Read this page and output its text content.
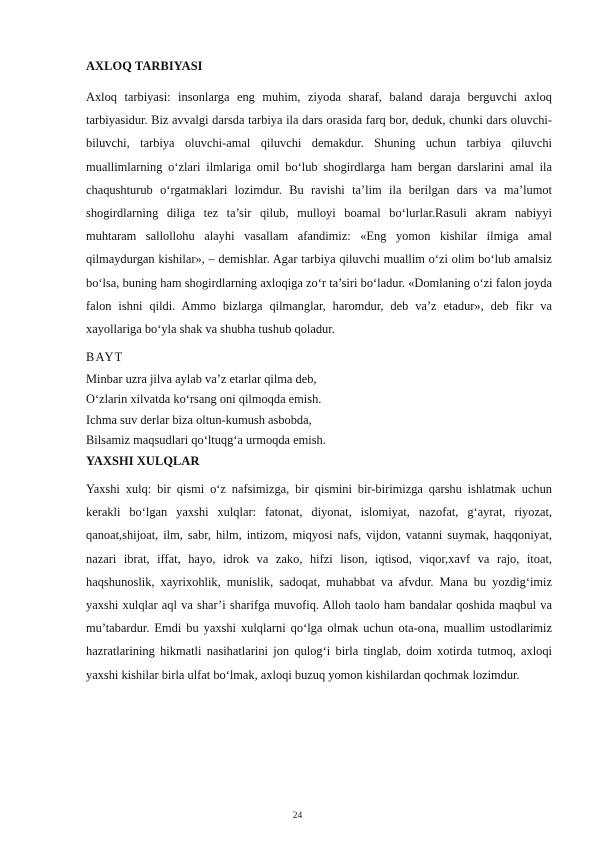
AXLOQ TARBIYASI

Axloq tarbiyasi: insonlarga eng muhim, ziyoda sharaf, baland daraja berguvchi axloq tarbiyasidur. Biz avvalgi darsda tarbiya ila dars orasida farq bor, deduk, chunki dars oluvchi-biluvchi, tarbiya oluvchi-amal qiluvchi demakdur. Shuning uchun tarbiya qiluvchi muallimlarning o‘zlari ilmlariga omil bo‘lub shogirdlarga ham bergan darslarini amal ila chaqushturub o‘rgatmaklari lozimdur. Bu ravishi ta’lim ila berilgan dars va ma’lumot shogirdlarning diliga tez ta’sir qilub, mulloyi boamal bo‘lurlar.Rasuli akram nabiyyi muhtaram sallollohu alayhi vasallam afandimiz: «Eng yomon kishilar ilmiga amal qilmaydurgan kishilar», – demishlar. Agar tarbiya qiluvchi muallim o‘zi olim bo‘lub amalsiz bo‘lsa, buning ham shogirdlarning axloqiga zo‘r ta’siri bo‘ladur. «Domlaning o‘zi falon joyda falon ishni qildi. Ammo bizlarga qilmanglar, haromdur, deb va’z etadur», deb fikr va xayollariga bo‘yla shak va shubha tushub qoladur.

BAYT
Minbar uzra jilva aylab va’z etarlar qilma deb,
O‘zlarin xilvatda ko‘rsang oni qilmoqda emish.
Ichma suv derlar biza oltun-kumush asbobda,
Bilsamiz maqsudlari qo‘ltuqg‘a urmoqda emish.
YAXSHI XULQLAR

Yaxshi xulq: bir qismi o‘z nafsimizga, bir qismini bir-birimizga qarshu ishlatmak uchun kerakli bo‘lgan yaxshi xulqlar: fatonat, diyonat, islomiyat, nazofat, g‘ayrat, riyozat, qanoat,shijoat, ilm, sabr, hilm, intizom, miqyosi nafs, vijdon, vatanni suymak, haqqoniyat, nazari ibrat, iffat, hayo, idrok va zako, hifzi lison, iqtisod, viqor,xavf va rajo, itoat, haqshunoslik, xayrixohlik, munislik, sadoqat, muhabbat va afvdur. Mana bu yozdig‘imiz yaxshi xulqlar aql va shar’i sharifga muvofiq. Alloh taolo ham bandalar qoshida maqbul va mu’tabardur. Emdi bu yaxshi xulqlarni qo‘lga olmak uchun ota-ona, muallim ustodlarimiz hazratlarining hikmatli nasihatlarini jon qulog‘i birla tinglab, doim xotirda tutmoq, axloqi yaxshi kishilar birla ulfat bo‘lmak, axloqi buzuq yomon kishilardan qochmak lozimdur.

24
